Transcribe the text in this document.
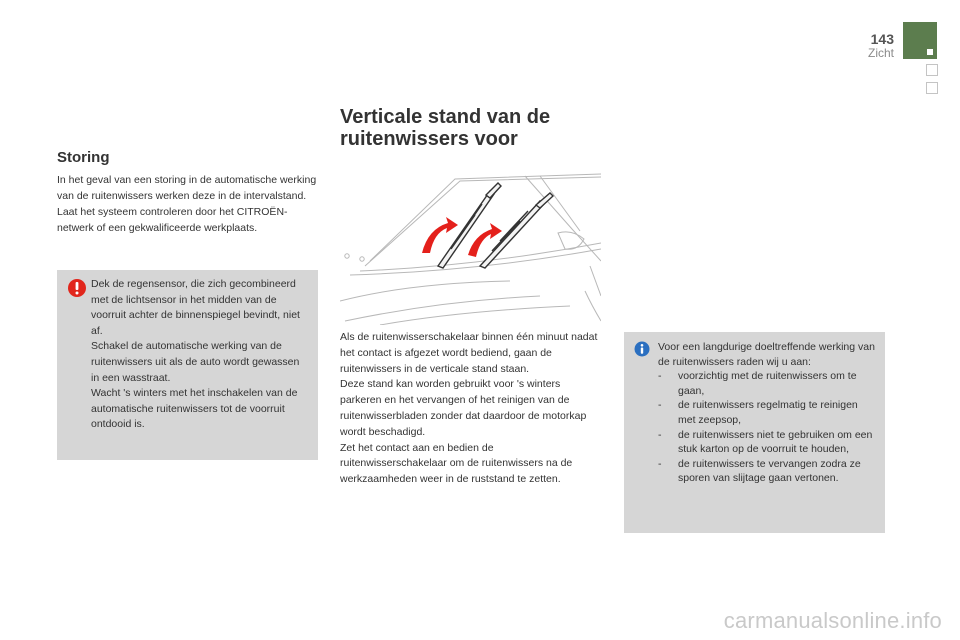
143
Zicht
Storing

In het geval van een storing in de automatische werking van de ruitenwissers werken deze in de intervalstand.

Laat het systeem controleren door het CITROËN-netwerk of een gekwalificeerde werkplaats.

Dek de regensensor, die zich gecombineerd met de lichtsensor in het midden van de voorruit achter de binnenspiegel bevindt, niet af.

Schakel de automatische werking van de ruitenwissers uit als de auto wordt gewassen in een wasstraat.

Wacht 's winters met het inschakelen van de automatische ruitenwissers tot de voorruit ontdooid is.

Verticale stand van de
ruitenwissers voor

Als de ruitenwisserschakelaar binnen één minuut nadat het contact is afgezet wordt bediend, gaan de ruitenwissers in de verticale stand staan.

Deze stand kan worden gebruikt voor 's winters parkeren en het vervangen of het reinigen van de ruitenwisserbladen zonder dat daardoor de motorkap wordt beschadigd.

Zet het contact aan en bedien de ruitenwisserschakelaar om de ruitenwissers na de werkzaamheden weer in de ruststand te zetten.

Voor een langdurige doeltreffende werking van de ruitenwissers raden wij u aan:

- voorzichtig met de ruitenwissers om te gaan,
- de ruitenwissers regelmatig te reinigen met zeepsop,
- de ruitenwissers niet te gebruiken om een stuk karton op de voorruit te houden,
- de ruitenwissers te vervangen zodra ze sporen van slijtage gaan vertonen.
carmanualsonline.info
